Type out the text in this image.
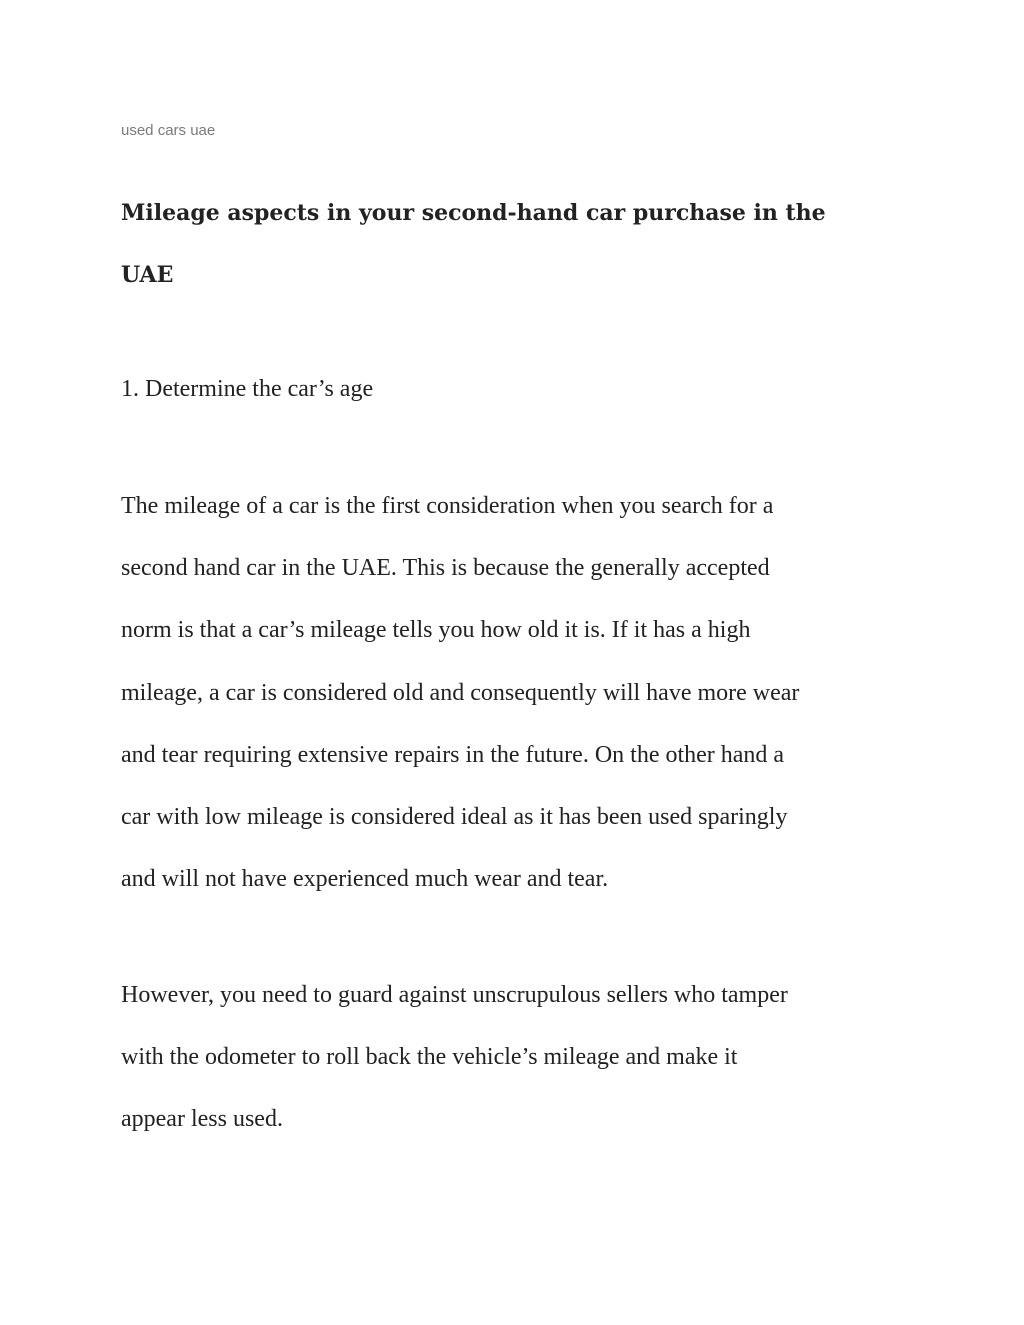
used cars uae
Mileage aspects in your second-hand car purchase in the
UAE
1. Determine the car’s age

The mileage of a car is the first consideration when you search for a
second hand car in the UAE. This is because the generally accepted
norm is that a car’s mileage tells you how old it is. If it has a high
mileage, a car is considered old and consequently will have more wear
and tear requiring extensive repairs in the future. On the other hand a
car with low mileage is considered ideal as it has been used sparingly
and will not have experienced much wear and tear.

However, you need to guard against unscrupulous sellers who tamper
with the odometer to roll back the vehicle’s mileage and make it
appear less used.
